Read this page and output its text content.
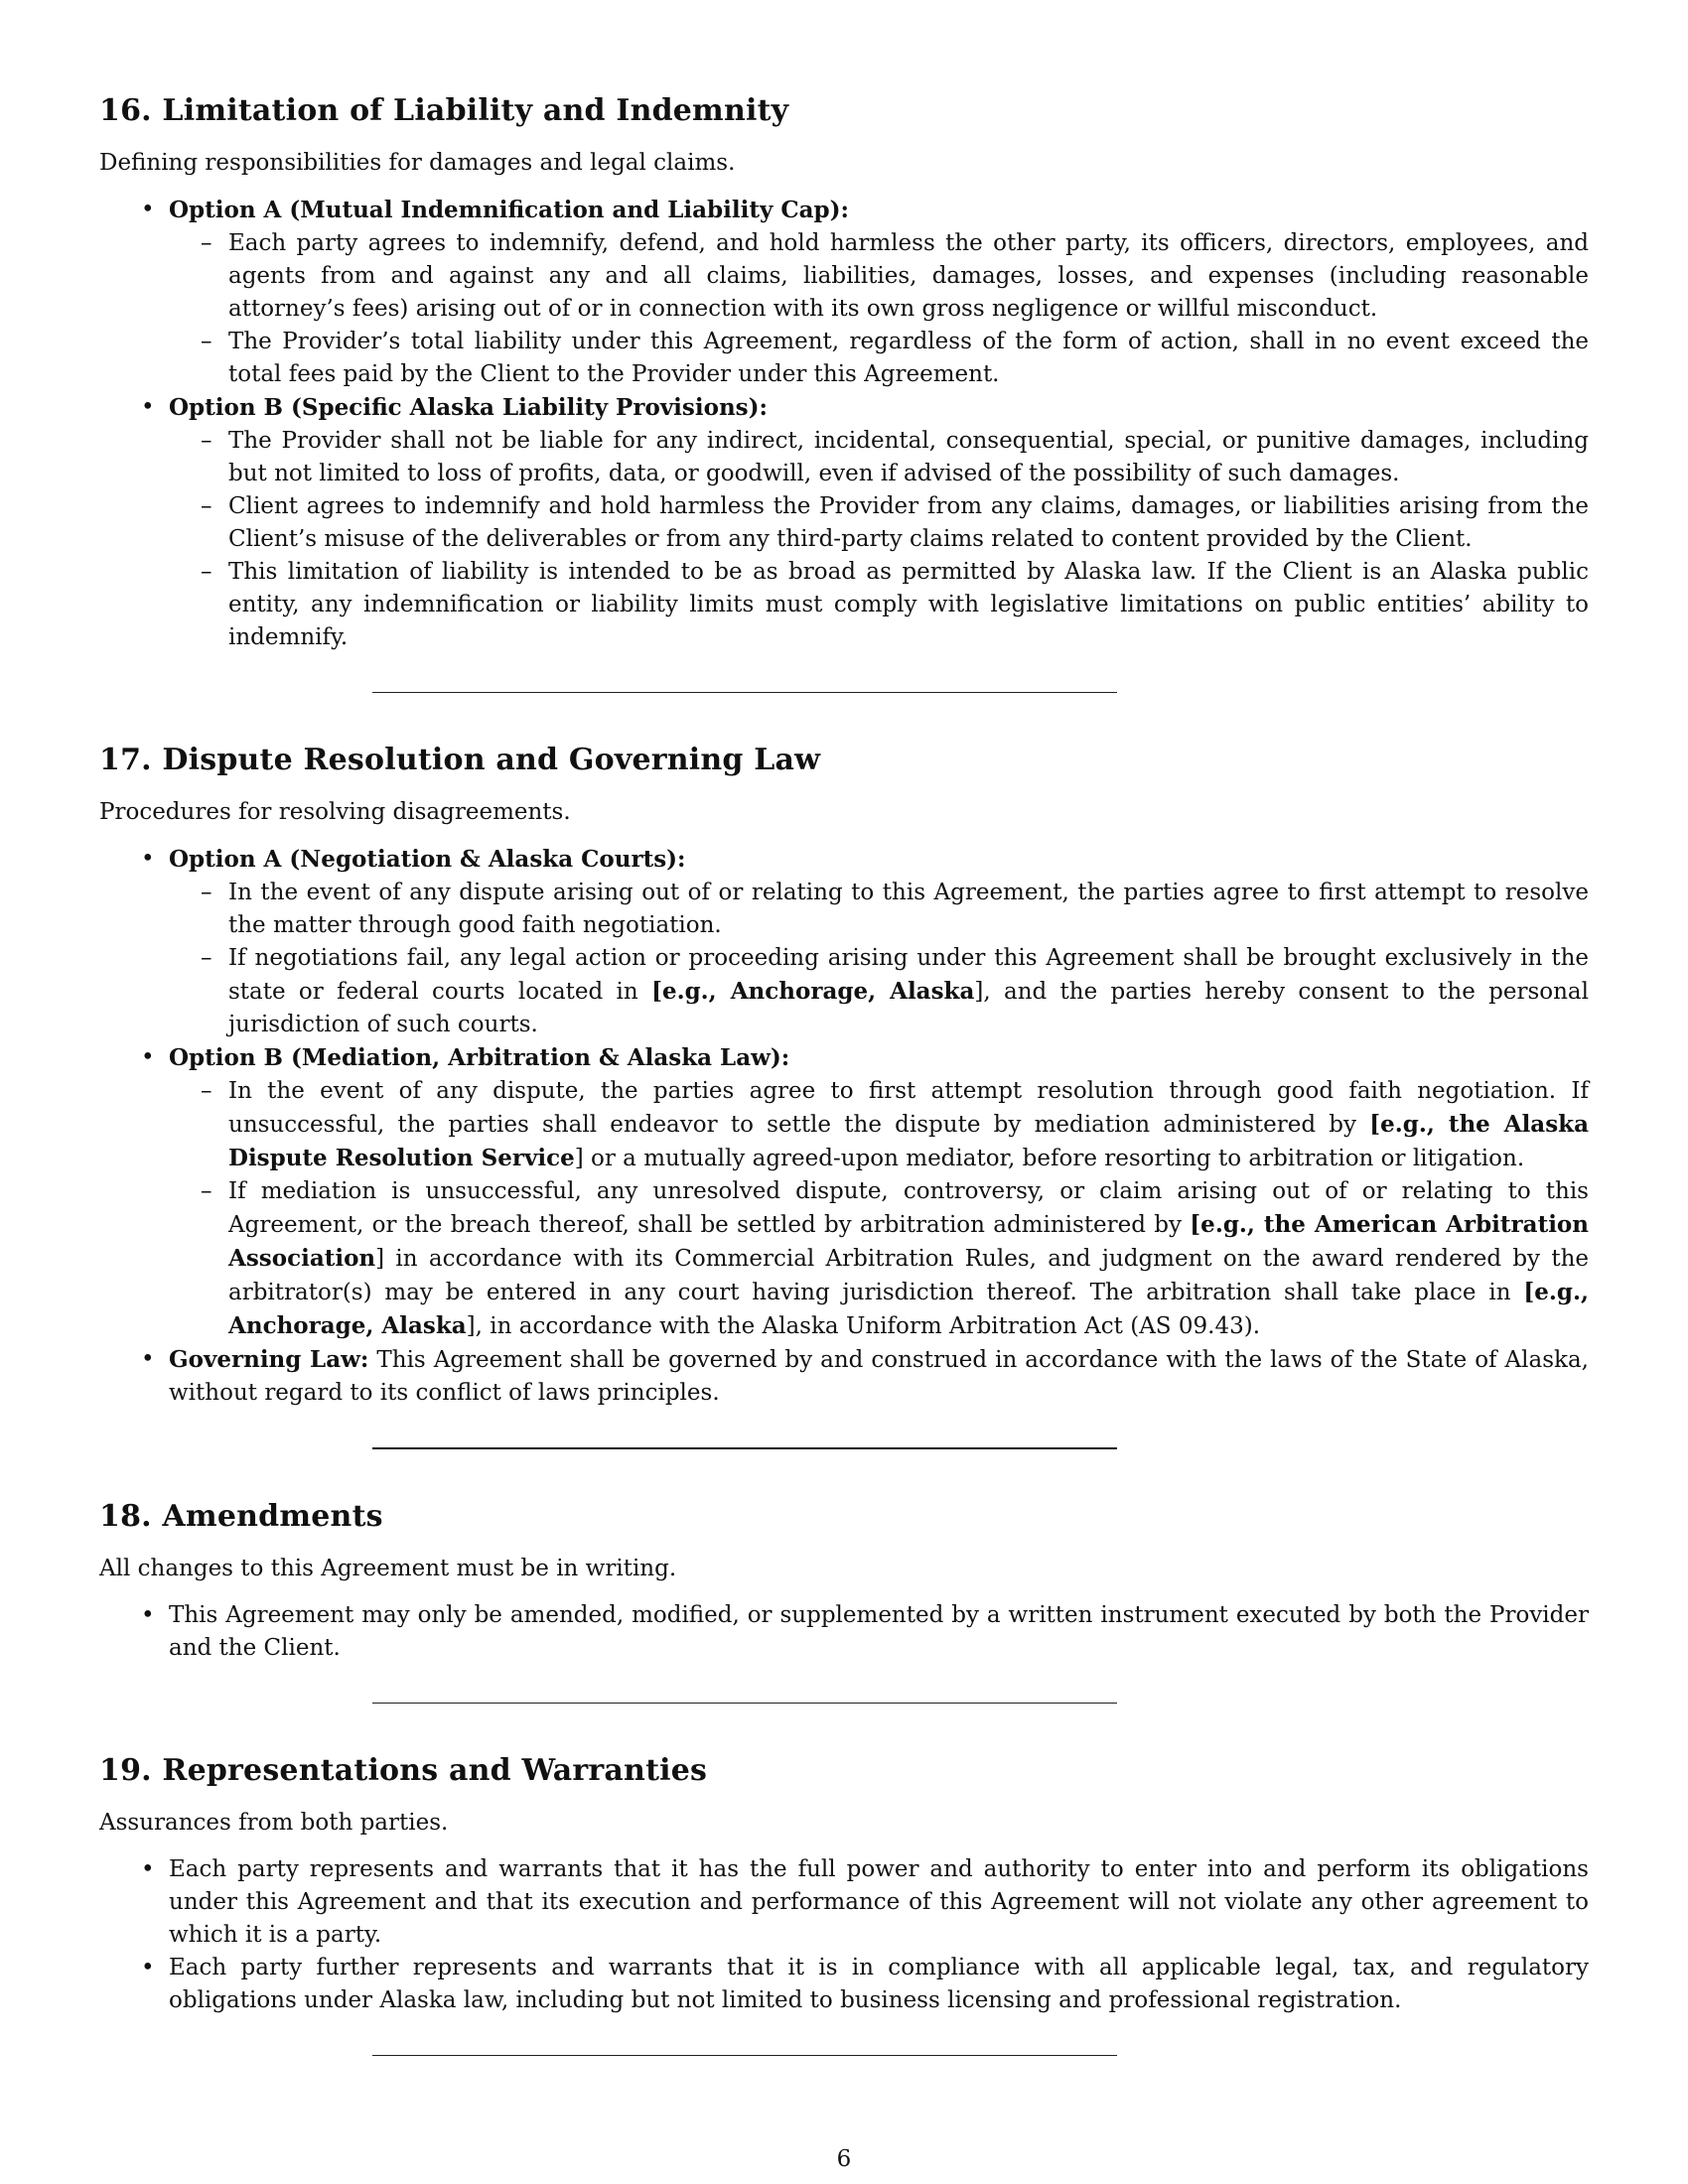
16. Limitation of Liability and Indemnity

Defining responsibilities for damages and legal claims.

• Option A (Mutual Indemnification and Liability Cap):
– Each party agrees to indemnify, defend, and hold harmless the other party, its officers, directors, employees, and agents from and against any and all claims, liabilities, damages, losses, and expenses (including reasonable attorney’s fees) arising out of or in connection with its own gross negligence or willful misconduct.
– The Provider’s total liability under this Agreement, regardless of the form of action, shall in no event exceed the total fees paid by the Client to the Provider under this Agreement.
• Option B (Specific Alaska Liability Provisions):
– The Provider shall not be liable for any indirect, incidental, consequential, special, or punitive damages, including but not limited to loss of profits, data, or goodwill, even if advised of the possibility of such damages.
– Client agrees to indemnify and hold harmless the Provider from any claims, damages, or liabilities arising from the Client’s misuse of the deliverables or from any third-party claims related to content provided by the Client.
– This limitation of liability is intended to be as broad as permitted by Alaska law. If the Client is an Alaska public entity, any indemnification or liability limits must comply with legislative limitations on public entities’ ability to indemnify.
17. Dispute Resolution and Governing Law

Procedures for resolving disagreements.

• Option A (Negotiation & Alaska Courts):
– In the event of any dispute arising out of or relating to this Agreement, the parties agree to first attempt to resolve the matter through good faith negotiation.
– If negotiations fail, any legal action or proceeding arising under this Agreement shall be brought exclusively in the state or federal courts located in [e.g., Anchorage, Alaska], and the parties hereby consent to the personal jurisdiction of such courts.
• Option B (Mediation, Arbitration & Alaska Law):
– In the event of any dispute, the parties agree to first attempt resolution through good faith negotiation. If unsuccessful, the parties shall endeavor to settle the dispute by mediation administered by [e.g., the Alaska Dispute Resolution Service] or a mutually agreed-upon mediator, before resorting to arbitration or litigation.
– If mediation is unsuccessful, any unresolved dispute, controversy, or claim arising out of or relating to this Agreement, or the breach thereof, shall be settled by arbitration administered by [e.g., the American Arbitration Association] in accordance with its Commercial Arbitration Rules, and judgment on the award rendered by the arbitrator(s) may be entered in any court having jurisdiction thereof. The arbitration shall take place in [e.g., Anchorage, Alaska], in accordance with the Alaska Uniform Arbitration Act (AS 09.43).
• Governing Law: This Agreement shall be governed by and construed in accordance with the laws of the State of Alaska, without regard to its conflict of laws principles.
18. Amendments

All changes to this Agreement must be in writing.

• This Agreement may only be amended, modified, or supplemented by a written instrument executed by both the Provider and the Client.
19. Representations and Warranties

Assurances from both parties.

• Each party represents and warrants that it has the full power and authority to enter into and perform its obligations under this Agreement and that its execution and performance of this Agreement will not violate any other agreement to which it is a party.
• Each party further represents and warrants that it is in compliance with all applicable legal, tax, and regulatory obligations under Alaska law, including but not limited to business licensing and professional registration.
6
